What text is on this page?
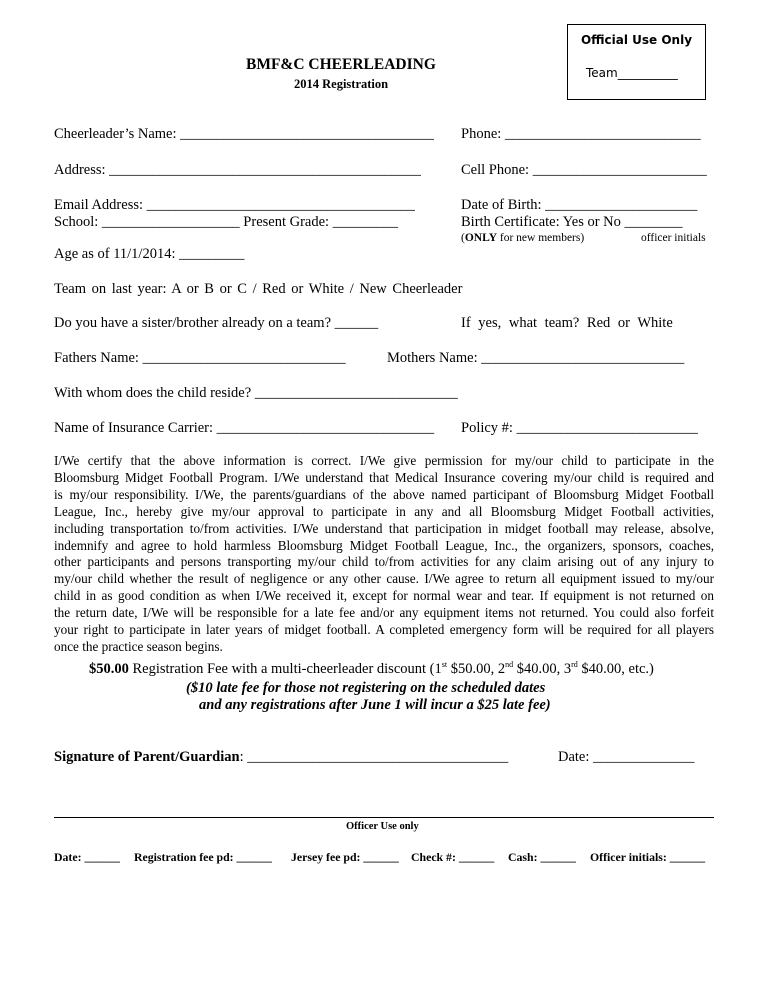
Official Use Only
Team__________
BMF&C CHEERLEADING
2014 Registration
Cheerleader’s Name: ___________________________________ Phone: ___________________________
Address: ___________________________________________	Cell Phone: ________________________
Email Address: _____________________________________	Date of Birth: _____________________
School: ___________________ Present Grade: _________	Birth Certificate: Yes or No ________
(ONLY for new members)	officer initials
Age as of 11/1/2014: _________
Team on last year: A or B or C / Red or White / New Cheerleader
Do you have a sister/brother already on a team? ______	If yes, what team? Red or White
Fathers Name: ____________________________	Mothers Name: ____________________________
With whom does the child reside? ____________________________
Name of Insurance Carrier: ______________________________ Policy #: _________________________
I/We certify that the above information is correct. I/We give permission for my/our child to participate in the
Bloomsburg Midget Football Program. I/We understand that Medical Insurance covering my/our child is required and
is my/our responsibility. I/We, the parents/guardians of the above named participant of Bloomsburg Midget Football
League, Inc., hereby give my/our approval to participate in any and all Bloomsburg Midget Football activities,
including transportation to/from activities. I/We understand that participation in midget football may release, absolve,
indemnify and agree to hold harmless Bloomsburg Midget Football League, Inc., the organizers, sponsors, coaches,
other participants and persons transporting my/our child to/from activities for any claim arising out of any injury to
my/our child whether the result of negligence or any other cause. I/We agree to return all equipment issued to my/our
child in as good condition as when I/We received it, except for normal wear and tear. If equipment is not returned on
the return date, I/We will be responsible for a late fee and/or any equipment items not returned. You could also forfeit
your right to participate in later years of midget football. A completed emergency form will be required for all players
once the practice season begins.
$50.00 Registration Fee with a multi-cheerleader discount (1st $50.00, 2nd $40.00, 3rd $40.00, etc.)
($10 late fee for those not registering on the scheduled dates
and any registrations after June 1 will incur a $25 late fee)
Signature of Parent/Guardian: ____________________________________	Date: ______________
Officer Use only
Date: ______ Registration fee pd: ______ Jersey fee pd: ______ Check #: ______ Cash: ______ Officer initials: ______
